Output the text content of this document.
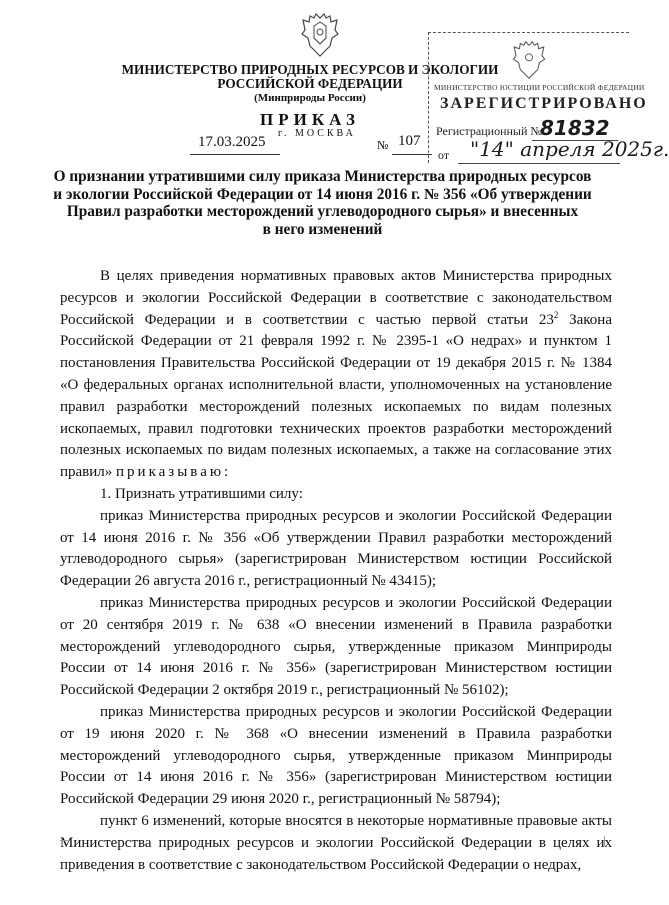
МИНИСТЕРСТВО ПРИРОДНЫХ РЕСУРСОВ И ЭКОЛОГИИ
РОССИЙСКОЙ ФЕДЕРАЦИИ
(Минприроды России)
ПРИКАЗ
г. МОСКВА
17.03.2025	№ 107
МИНИСТЕРСТВО ЮСТИЦИИ РОССИЙСКОЙ ФЕДЕРАЦИИ
ЗАРЕГИСТРИРОВАНО
Регистрационный №
81832
от "14" апреля 2025г.
О признании утратившими силу приказа Министерства природных ресурсов
и экологии Российской Федерации от 14 июня 2016 г. № 356 «Об утверждении
Правил разработки месторождений углеводородного сырья» и внесенных
в него изменений

В целях приведения нормативных правовых актов Министерства природных ресурсов и экологии Российской Федерации в соответствие с законодательством Российской Федерации и в соответствии с частью первой статьи $23^2$ Закона Российской Федерации от 21 февраля 1992 г. № 2395-1 «О недрах» и пунктом 1 постановления Правительства Российской Федерации от 19 декабря 2015 г. № 1384 «О федеральных органах исполнительной власти, уполномоченных на установление правил разработки месторождений полезных ископаемых по видам полезных ископаемых, правил подготовки технических проектов разработки месторождений полезных ископаемых по видам полезных ископаемых, а также на согласование этих правил» приказываю:

1. Признать утратившими силу:

приказ Министерства природных ресурсов и экологии Российской Федерации от 14 июня 2016 г. № 356 «Об утверждении Правил разработки месторождений углеводородного сырья» (зарегистрирован Министерством юстиции Российской Федерации 26 августа 2016 г., регистрационный № 43415);

приказ Министерства природных ресурсов и экологии Российской Федерации от 20 сентября 2019 г. № 638 «О внесении изменений в Правила разработки месторождений углеводородного сырья, утвержденные приказом Минприроды России от 14 июня 2016 г. № 356» (зарегистрирован Министерством юстиции Российской Федерации 2 октября 2019 г., регистрационный № 56102);

приказ Министерства природных ресурсов и экологии Российской Федерации от 19 июня 2020 г. № 368 «О внесении изменений в Правила разработки месторождений углеводородного сырья, утвержденные приказом Минприроды России от 14 июня 2016 г. № 356» (зарегистрирован Министерством юстиции Российской Федерации 29 июня 2020 г., регистрационный № 58794);

пункт 6 изменений, которые вносятся в некоторые нормативные правовые акты Министерства природных ресурсов и экологии Российской Федерации в целях их приведения в соответствие с законодательством Российской Федерации о недрах,
